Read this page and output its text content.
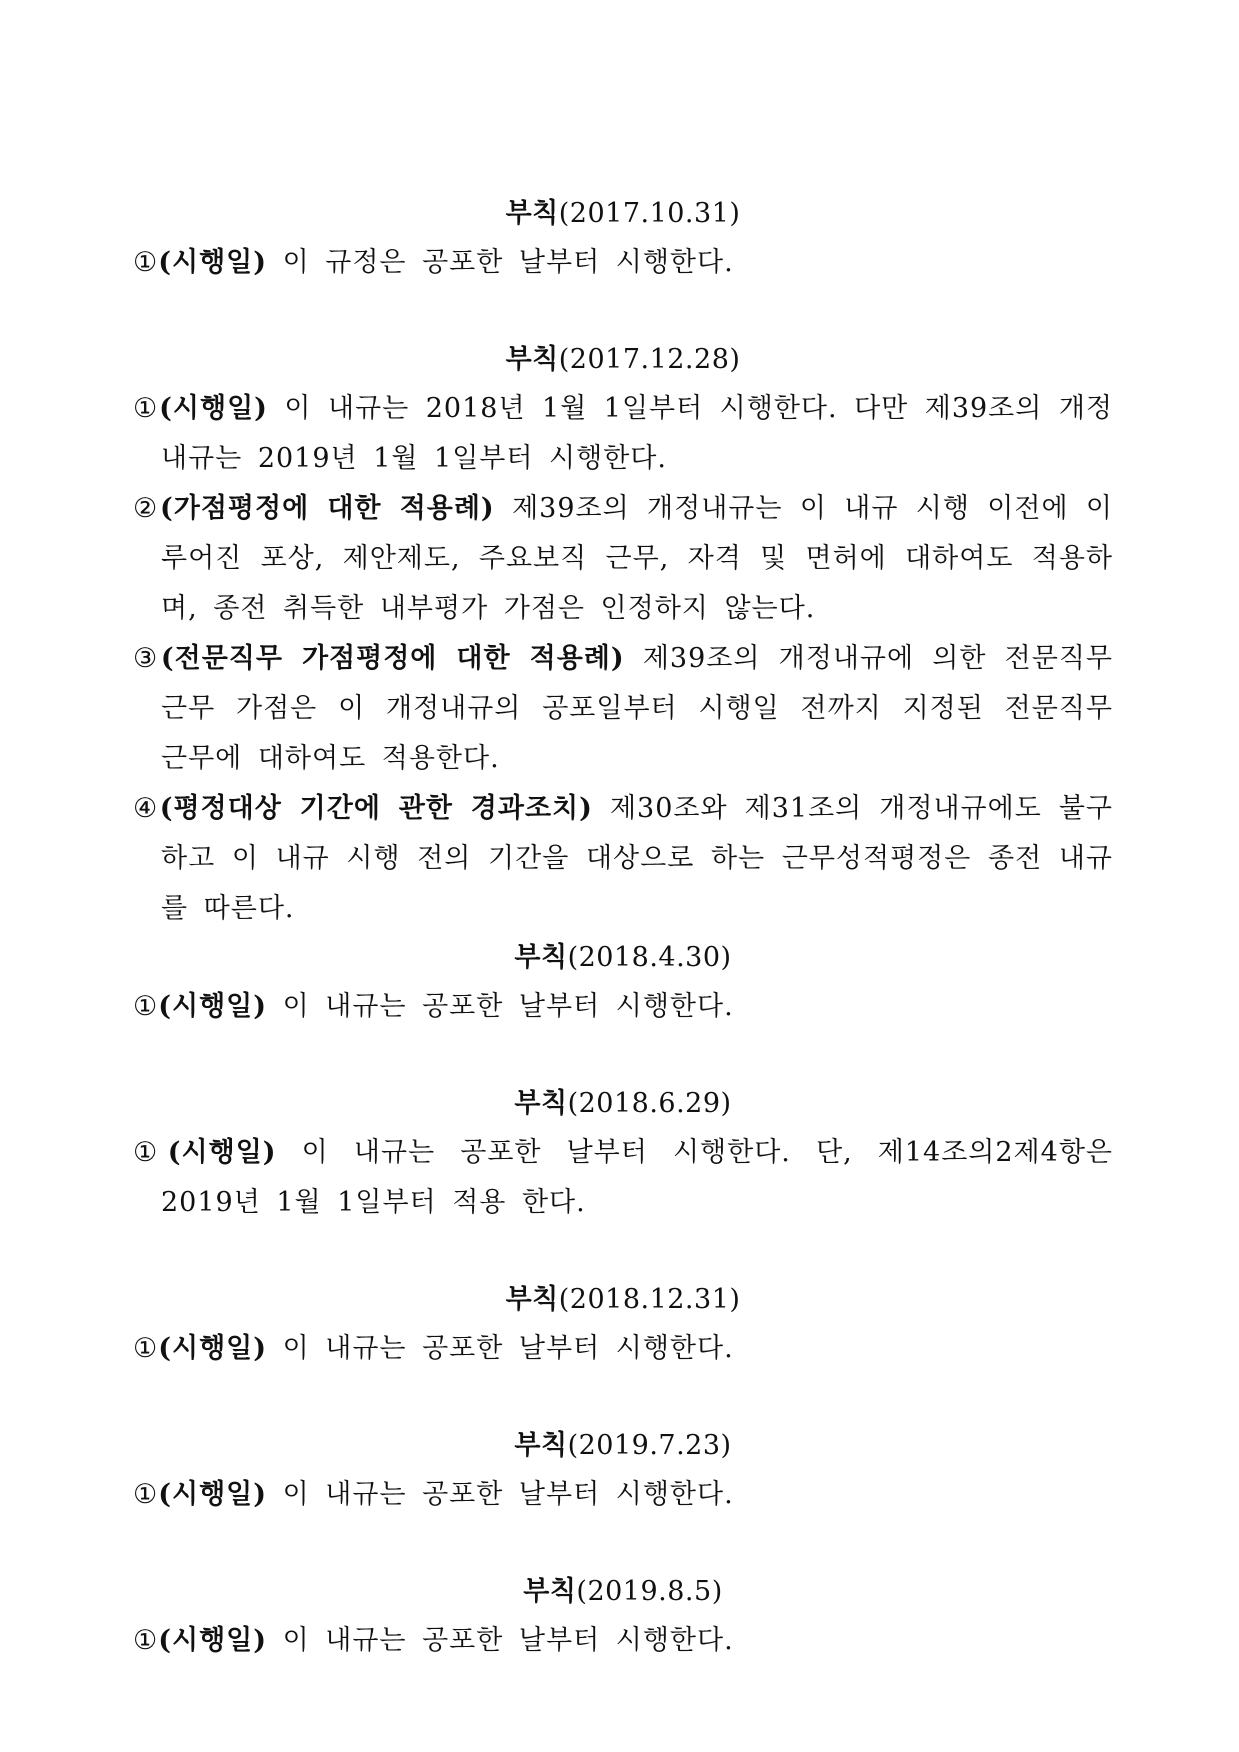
부칙(2017.10.31)

①(시행일) 이 규정은 공포한 날부터 시행한다.

부칙(2017.12.28)

①(시행일) 이 내규는 2018년 1월 1일부터 시행한다. 다만 제39조의 개정내규는 2019년 1월 1일부터 시행한다.

②(가점평정에 대한 적용례) 제39조의 개정내규는 이 내규 시행 이전에 이루어진 포상, 제안제도, 주요보직 근무, 자격 및 면허에 대하여도 적용하며, 종전 취득한 내부평가 가점은 인정하지 않는다.

③(전문직무 가점평정에 대한 적용례) 제39조의 개정내규에 의한 전문직무 근무 가점은 이 개정내규의 공포일부터 시행일 전까지 지정된 전문직무 근무에 대하여도 적용한다.

④(평정대상 기간에 관한 경과조치) 제30조와 제31조의 개정내규에도 불구하고 이 내규 시행 전의 기간을 대상으로 하는 근무성적평정은 종전 내규를 따른다.

부칙(2018.4.30)

①(시행일) 이 내규는 공포한 날부터 시행한다.

부칙(2018.6.29)

①(시행일) 이 내규는 공포한 날부터 시행한다. 단, 제14조의2제4항은 2019년 1월 1일부터 적용 한다.

부칙(2018.12.31)

①(시행일) 이 내규는 공포한 날부터 시행한다.

부칙(2019.7.23)

①(시행일) 이 내규는 공포한 날부터 시행한다.

부칙(2019.8.5)

①(시행일) 이 내규는 공포한 날부터 시행한다.
